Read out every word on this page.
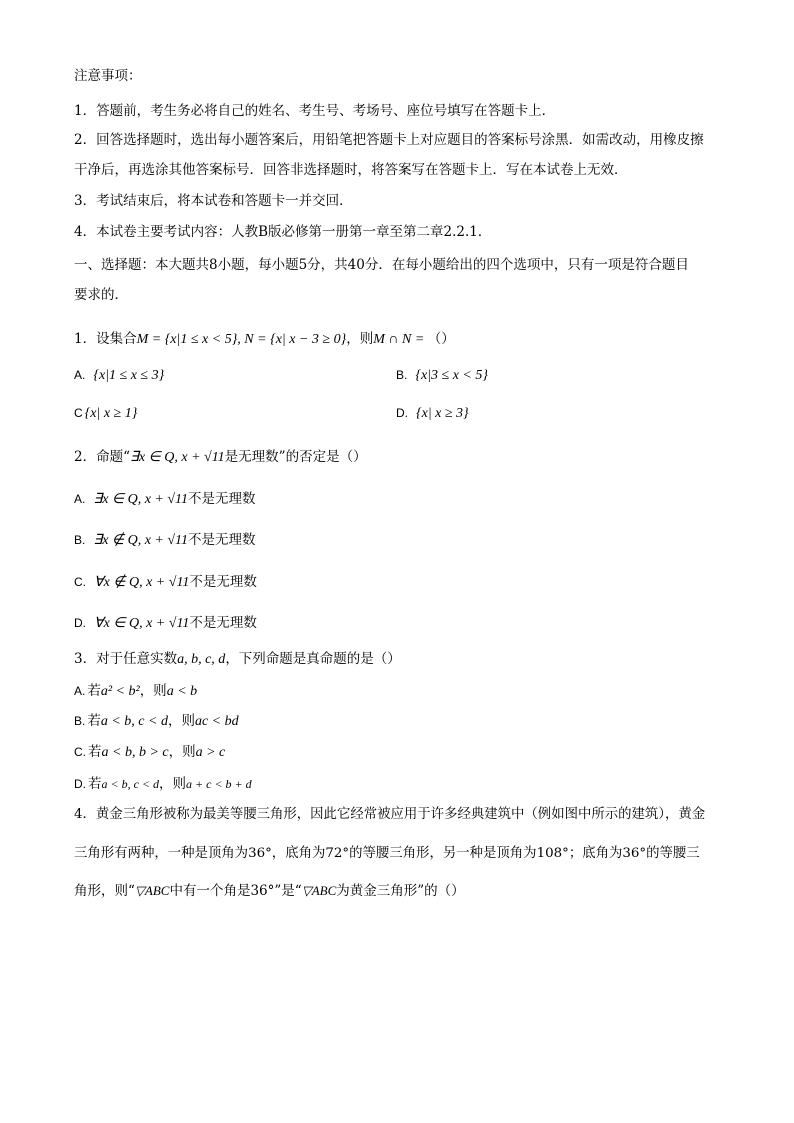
注意事项：
1．答题前，考生务必将自己的姓名、考生号、考场号、座位号填写在答题卡上．
2．回答选择题时，选出每小题答案后，用铅笔把答题卡上对应题目的答案标号涂黑．如需改动，用橡皮擦
干净后，再选涂其他答案标号．回答非选择题时，将答案写在答题卡上．写在本试卷上无效．
3．考试结束后，将本试卷和答题卡一并交回．
4．本试卷主要考试内容：人教B版必修第一册第一章至第二章2.2.1．
一、选择题：本大题共8小题，每小题5分，共40分．在每小题给出的四个选项中，只有一项是符合题目
要求的．
1．设集合M = {x|1 ≤ x < 5}, N = {x| x − 3 ≥ 0}，则M ∩ N = （）
A. {x|1 ≤ x ≤ 3}	B. {x|3 ≤ x < 5}
C {x| x ≥ 1}	D. {x| x ≥ 3}
2．命题“∃x ∈ Q, x + √11是无理数”的否定是（）
A. ∃x ∈ Q, x + √11不是无理数
B. ∃x ∉ Q, x + √11不是无理数
C. ∀x ∉ Q, x + √11不是无理数
D. ∀x ∈ Q, x + √11不是无理数
3．对于任意实数a, b, c, d，下列命题是真命题的是（）
A. 若a² < b²，则a < b
B. 若a < b, c < d，则ac < bd
C. 若a < b, b > c，则a > c
D. 若a < b, c < d，则a + c < b + d
4．黄金三角形被称为最美等腰三角形，因此它经常被应用于许多经典建筑中（例如图中所示的建筑），黄金
三角形有两种，一种是顶角为36°，底角为72°的等腰三角形，另一种是顶角为108°；底角为36°的等腰三
角形，则“▽ABC中有一个角是36°”是“▽ABC为黄金三角形”的（）
